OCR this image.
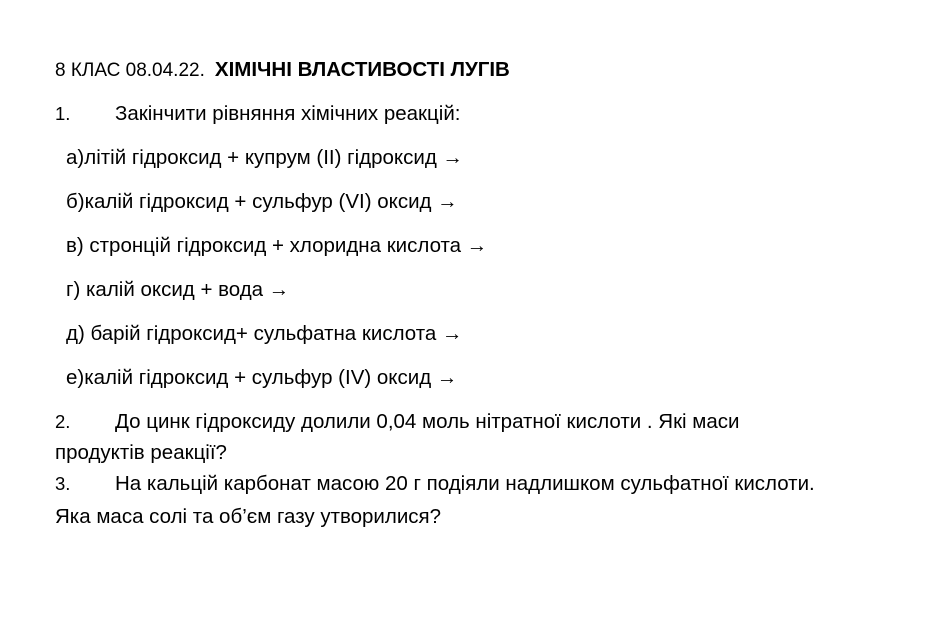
8 КЛАС 08.04.22. ХІМІЧНІ ВЛАСТИВОСТІ ЛУГІВ
1. Закінчити рівняння хімічних реакцій:
а)літій гідроксид + купрум (ІІ) гідроксид →
б)калій гідроксид + сульфур (VI) оксид →
в) стронцій гідроксид + хлоридна кислота →
г) калій оксид + вода →
д) барій гідроксид+ сульфатна кислота →
е)калій гідроксид + сульфур (IV) оксид →
2. До цинк гідроксиду долили 0,04 моль нітратної кислоти . Які маси
продуктів реакції?
3. На кальцій карбонат масою 20 г подіяли надлишком сульфатної кислоти.
Яка маса солі та об’єм газу утворилися?
